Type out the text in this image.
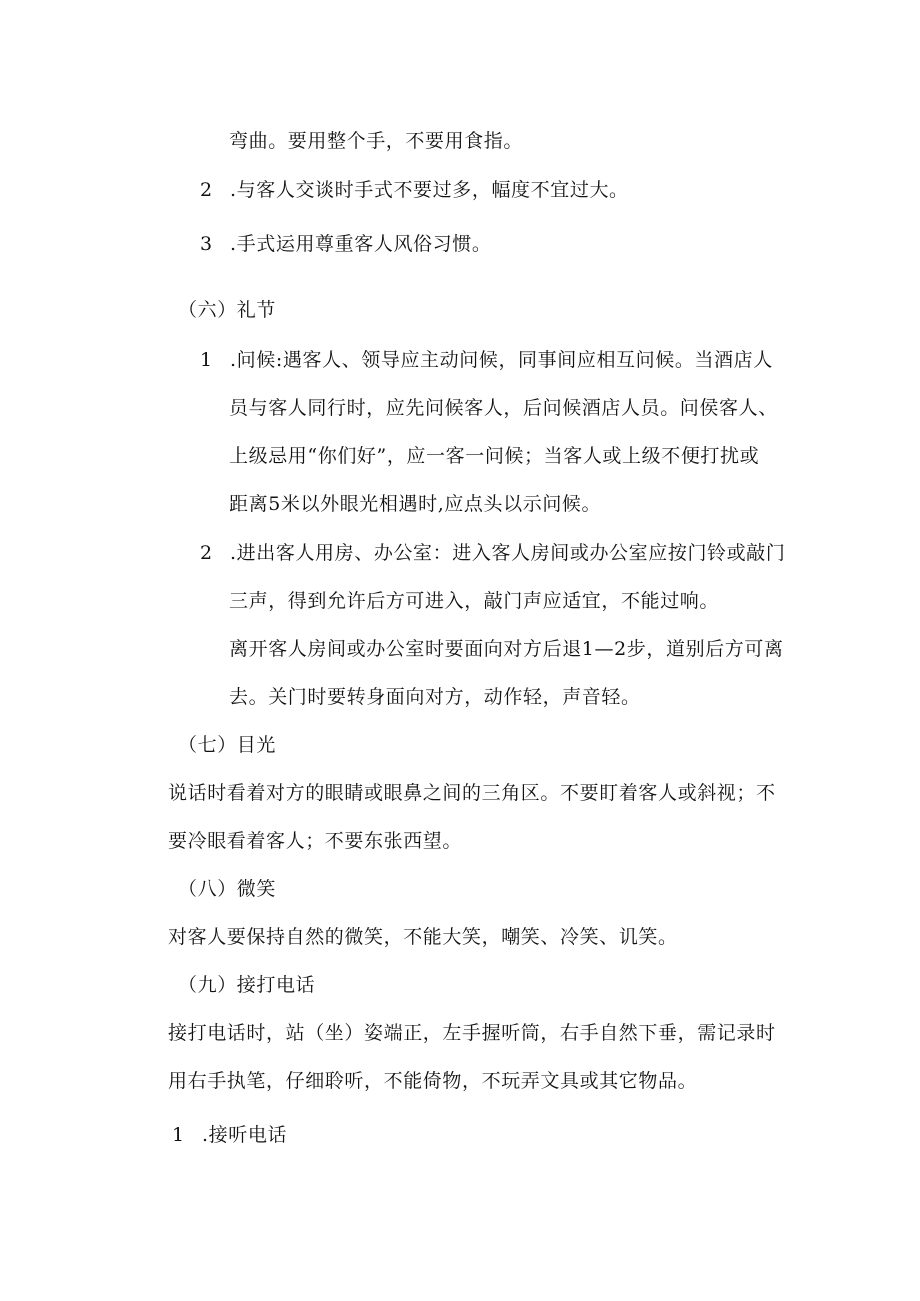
弯曲。要用整个手，不要用食指。
2 .与客人交谈时手式不要过多，幅度不宜过大。
3 .手式运用尊重客人风俗习惯。
（六）礼节
1 .问候:遇客人、领导应主动问候，同事间应相互问候。当酒店人
员与客人同行时，应先问候客人，后问候酒店人员。问侯客人、
上级忌用“你们好”，应一客一问候；当客人或上级不便打扰或
距离5米以外眼光相遇时,应点头以示问候。
2 .进出客人用房、办公室：进入客人房间或办公室应按门铃或敲门
三声，得到允许后方可进入，敲门声应适宜，不能过响。
离开客人房间或办公室时要面向对方后退1—2步，道别后方可离
去。关门时要转身面向对方，动作轻，声音轻。
（七）目光
说话时看着对方的眼睛或眼鼻之间的三角区。不要盯着客人或斜视；不
要冷眼看着客人；不要东张西望。
（八）微笑
对客人要保持自然的微笑，不能大笑，嘲笑、冷笑、讥笑。
（九）接打电话
接打电话时，站（坐）姿端正，左手握听筒，右手自然下垂，需记录时
用右手执笔，仔细聆听，不能倚物，不玩弄文具或其它物品。
1 .接听电话
